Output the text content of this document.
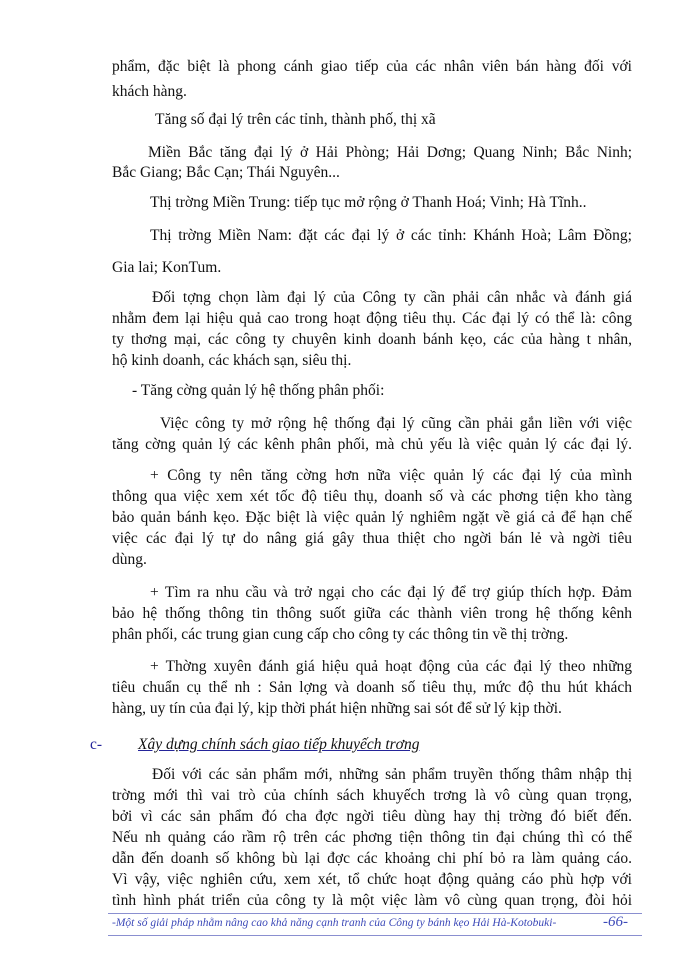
phẩm, đặc biệt là phong cánh giao tiếp của các nhân viên bán hàng đối với
khách hàng.
Tăng số đại lý trên các tỉnh, thành phố, thị xã
Miền Bắc tăng đại lý ở Hải Phòng; Hải Dơng; Quang Ninh; Bắc Ninh;
Bắc Giang; Bắc Cạn; Thái Nguyên...
Thị trờng Miền Trung: tiếp tục mở rộng ở Thanh Hoá; Vinh; Hà Tĩnh..
Thị trờng Miền Nam: đặt các đại lý ở các tỉnh: Khánh Hoà; Lâm Đồng;
Gia lai; KonTum.
Đối tợng chọn làm đại lý của Công ty cần phải cân nhắc và đánh giá
nhằm đem lại hiệu quả cao trong hoạt động tiêu thụ. Các đại lý có thể là: công
ty thơng mại, các công ty chuyên kinh doanh bánh kẹo, các của hàng t nhân,
hộ kinh doanh, các khách sạn, siêu thị.
- Tăng cờng quản lý hệ thống phân phối:
Việc công ty mở rộng hệ thống đại lý cũng cần phải gắn liền với việc
tăng cờng quản lý các kênh phân phối, mà chủ yếu là việc quản lý các đại lý.
+ Công ty nên tăng cờng hơn nữa việc quản lý các đại lý của mình
thông qua việc xem xét tốc độ tiêu thụ, doanh số và các phơng tiện kho tàng
bảo quản bánh kẹo. Đặc biệt là việc quản lý nghiêm ngặt về giá cả để hạn chế
việc các đại lý tự do nâng giá gây thua thiệt cho ngời bán lẻ và ngời tiêu
dùng.
+ Tìm ra nhu cầu và trở ngại cho các đại lý để trợ giúp thích hợp. Đảm
bảo hệ thống thông tin thông suốt giữa các thành viên trong hệ thống kênh
phân phối, các trung gian cung cấp cho công ty các thông tin về thị trờng.
+ Thờng xuyên đánh giá hiệu quả hoạt động của các đại lý theo những
tiêu chuẩn cụ thể nh : Sản lợng và doanh số tiêu thụ, mức độ thu hút khách
hàng, uy tín của đại lý, kịp thời phát hiện những sai sót để sử lý kịp thời.
c- Xây dựng chính sách giao tiếp khuyếch trơng
Đối với các sản phẩm mới, những sản phẩm truyền thống thâm nhập thị
trờng mới thì vai trò của chính sách khuyếch trơng là vô cùng quan trọng,
bởi vì các sản phẩm đó cha đợc ngời tiêu dùng hay thị trờng đó biết đến.
Nếu nh quảng cáo rầm rộ trên các phơng tiện thông tin đại chúng thì có thể
dẫn đến doanh số không bù lại đợc các khoảng chi phí bỏ ra làm quảng cáo.
Vì vậy, việc nghiên cứu, xem xét, tổ chức hoạt động quảng cáo phù hợp với
tình hình phát triển của công ty là một việc làm vô cùng quan trọng, đòi hỏi
-Một số giải pháp nhằm nâng cao khả năng cạnh tranh của Công ty bánh kẹo Hải Hà-Kotobuki-	-66-
